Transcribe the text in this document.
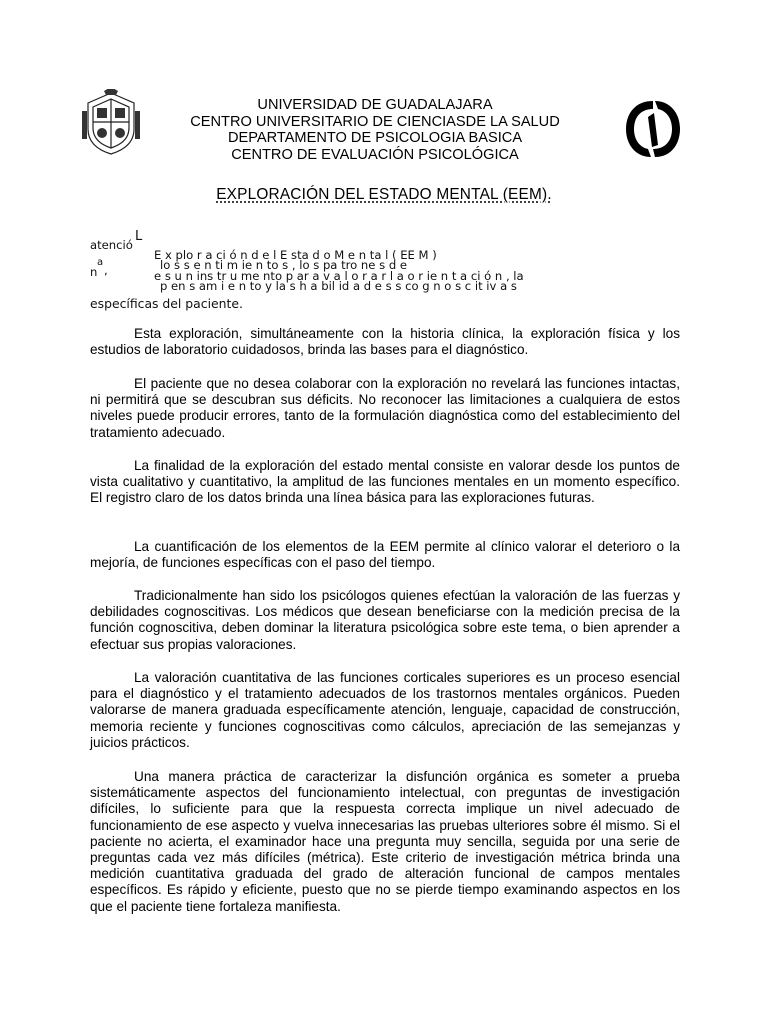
UNIVERSIDAD DE GUADALAJARA
CENTRO UNIVERSITARIO DE CIENCIASDE LA SALUD
DEPARTAMENTO DE PSICOLOGIA BASICA
CENTRO DE EVALUACIÓN PSICOLÓGICA
EXPLORACIÓN DEL ESTADO MENTAL (EEM).
atenció
L
a
n ,
E x plo r a ci ó n d e l E sta d o M e n ta l ( EE M )
lo s s e n ti m ie n to s , lo s pa tro ne s d e
e s u n ins tr u me nto p ar a v a l o r a r l a o r ie n t a ci ó n , la
p en s am i e n to y la s h a bil id a d e s s co g n o s c it iv a s
específicas del paciente.
Esta exploración, simultáneamente con la historia clínica, la exploración física y los estudios de laboratorio cuidadosos, brinda las bases para el diagnóstico.
El paciente que no desea colaborar con la exploración no revelará las funciones intactas, ni permitirá que se descubran sus déficits. No reconocer las limitaciones a cualquiera de estos niveles puede producir errores, tanto de la formulación diagnóstica como del establecimiento del tratamiento adecuado.
La finalidad de la exploración del estado mental consiste en valorar desde los puntos de vista cualitativo y cuantitativo, la amplitud de las funciones mentales en un momento específico. El registro claro de los datos brinda una línea básica para las exploraciones futuras.
La cuantificación de los elementos de la EEM permite al clínico valorar el deterioro o la mejoría, de funciones específicas con el paso del tiempo.
Tradicionalmente han sido los psicólogos quienes efectúan la valoración de las fuerzas y debilidades cognoscitivas. Los médicos que desean beneficiarse con la medición precisa de la función cognoscitiva, deben dominar la literatura psicológica sobre este tema, o bien aprender a efectuar sus propias valoraciones.
La valoración cuantitativa de las funciones corticales superiores es un proceso esencial para el diagnóstico y el tratamiento adecuados de los trastornos mentales orgánicos. Pueden valorarse de manera graduada específicamente atención, lenguaje, capacidad de construcción, memoria reciente y funciones cognoscitivas como cálculos, apreciación de las semejanzas y juicios prácticos.
Una manera práctica de caracterizar la disfunción orgánica es someter a prueba sistemáticamente aspectos del funcionamiento intelectual, con preguntas de investigación difíciles, lo suficiente para que la respuesta correcta implique un nivel adecuado de funcionamiento de ese aspecto y vuelva innecesarias las pruebas ulteriores sobre él mismo. Si el paciente no acierta, el examinador hace una pregunta muy sencilla, seguida por una serie de preguntas cada vez más difíciles (métrica). Este criterio de investigación métrica brinda una medición cuantitativa graduada del grado de alteración funcional de campos mentales específicos. Es rápido y eficiente, puesto que no se pierde tiempo examinando aspectos en los que el paciente tiene fortaleza manifiesta.
